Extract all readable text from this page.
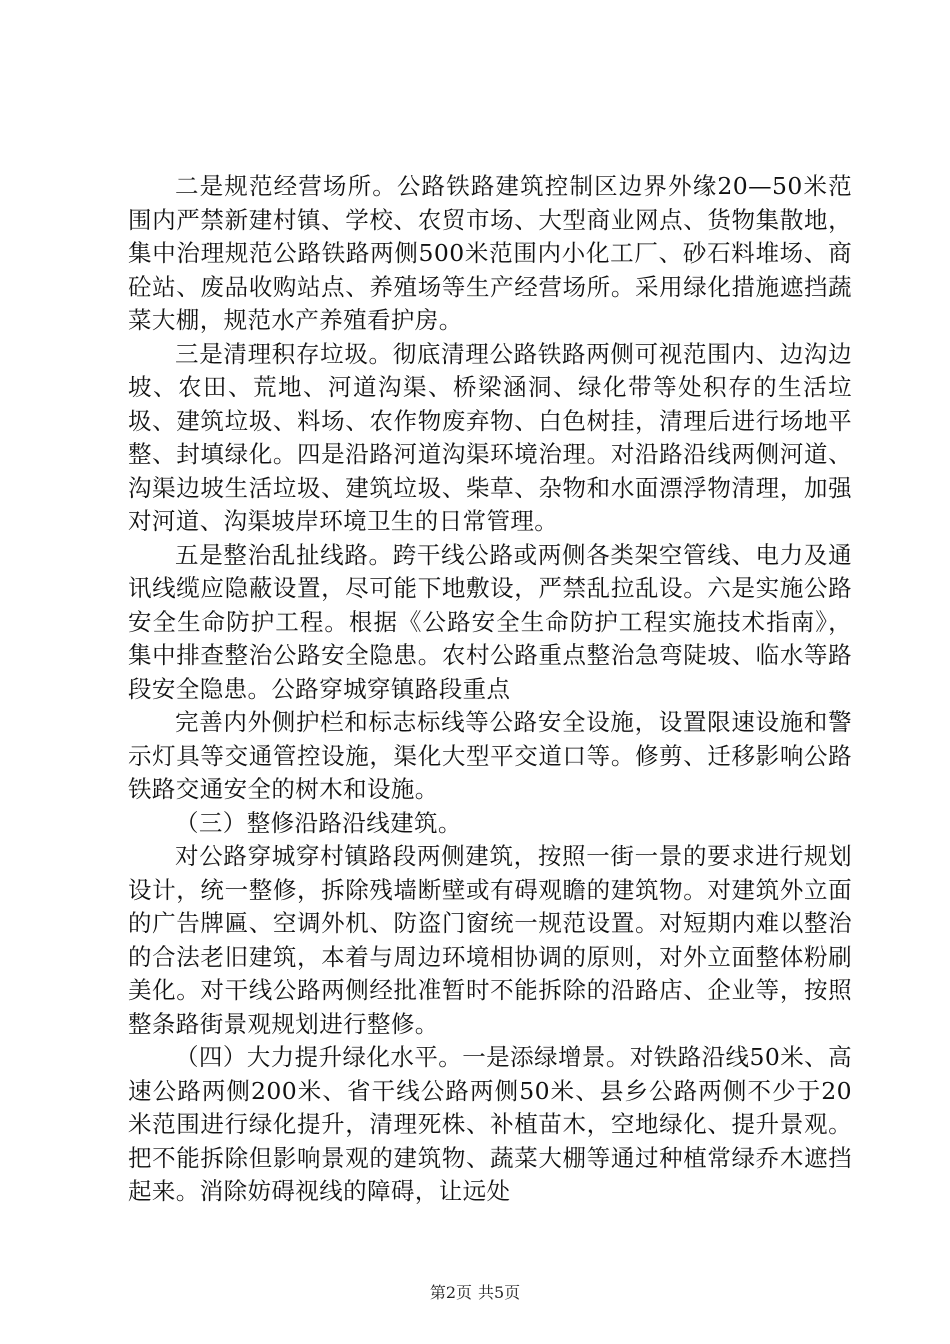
二是规范经营场所。公路铁路建筑控制区边界外缘20—50米范围内严禁新建村镇、学校、农贸市场、大型商业网点、货物集散地，集中治理规范公路铁路两侧500米范围内小化工厂、砂石料堆场、商砼站、废品收购站点、养殖场等生产经营场所。采用绿化措施遮挡蔬菜大棚，规范水产养殖看护房。

三是清理积存垃圾。彻底清理公路铁路两侧可视范围内、边沟边坡、农田、荒地、河道沟渠、桥梁涵洞、绿化带等处积存的生活垃圾、建筑垃圾、料场、农作物废弃物、白色树挂，清理后进行场地平整、封填绿化。四是沿路河道沟渠环境治理。对沿路沿线两侧河道、沟渠边坡生活垃圾、建筑垃圾、柴草、杂物和水面漂浮物清理，加强对河道、沟渠坡岸环境卫生的日常管理。

五是整治乱扯线路。跨干线公路或两侧各类架空管线、电力及通讯线缆应隐蔽设置，尽可能下地敷设，严禁乱拉乱设。六是实施公路安全生命防护工程。根据《公路安全生命防护工程实施技术指南》，集中排查整治公路安全隐患。农村公路重点整治急弯陡坡、临水等路段安全隐患。公路穿城穿镇路段重点

完善内外侧护栏和标志标线等公路安全设施，设置限速设施和警示灯具等交通管控设施，渠化大型平交道口等。修剪、迁移影响公路铁路交通安全的树木和设施。

（三）整修沿路沿线建筑。

对公路穿城穿村镇路段两侧建筑，按照一街一景的要求进行规划设计，统一整修，拆除残墙断壁或有碍观瞻的建筑物。对建筑外立面的广告牌匾、空调外机、防盗门窗统一规范设置。对短期内难以整治的合法老旧建筑，本着与周边环境相协调的原则，对外立面整体粉刷美化。对干线公路两侧经批准暂时不能拆除的沿路店、企业等，按照整条路街景观规划进行整修。

（四）大力提升绿化水平。一是添绿增景。对铁路沿线50米、高速公路两侧200米、省干线公路两侧50米、县乡公路两侧不少于20米范围进行绿化提升，清理死株、补植苗木，空地绿化、提升景观。把不能拆除但影响景观的建筑物、蔬菜大棚等通过种植常绿乔木遮挡起来。消除妨碍视线的障碍，让远处

第2页 共5页
